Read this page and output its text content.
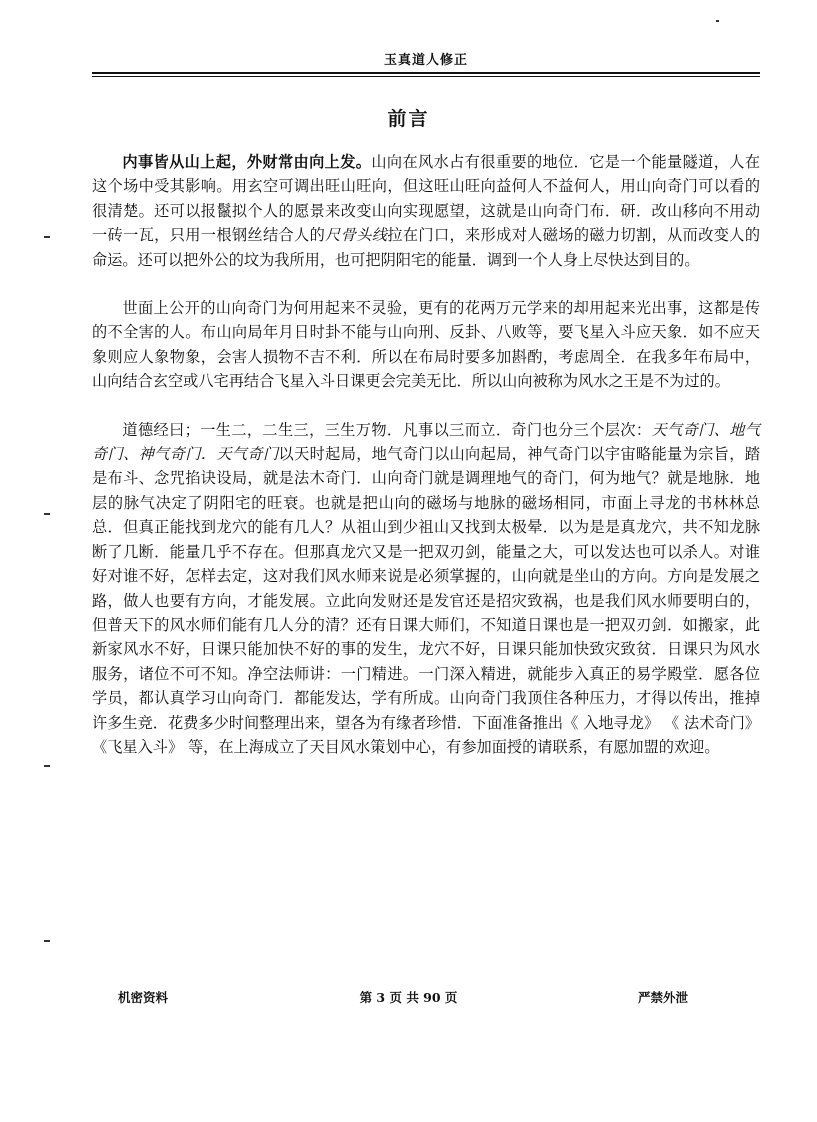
玉真道人修正
前言

内事皆从山上起，外财常由向上发。山向在风水占有很重要的地位．它是一个能量隧道，人在这个场中受其影响。用玄空可调出旺山旺向，但这旺山旺向益何人不益何人，用山向奇门可以看的很清楚。还可以报鬣拟个人的愿景来改变山向实现愿望，这就是山向奇门布．研．改山移向不用动一砖一瓦，只用一根钢丝结合人的尺骨头线拉在门口，来形成对人磁场的磁力切割，从而改变人的命运。还可以把外公的坟为我所用，也可把阴阳宅的能量．调到一个人身上尽快达到目的。

世面上公开的山向奇门为何用起来不灵验，更有的花两万元学来的却用起来光出事，这都是传的不全害的人。布山向局年月日时卦不能与山向刑、反卦、八败等，要飞星入斗应天象．如不应天象则应人象物象，会害人损物不吉不利．所以在布局时要多加斟酌，考虑周全．在我多年布局中，山向结合玄空或八宅再结合飞星入斗日课更会完美无比．所以山向被称为风水之王是不为过的。

道德经曰；一生二，二生三，三生万物．凡事以三而立．奇门也分三个层次：天气奇门、地气奇门、神气奇门．天气奇门以天时起局，地气奇门以山向起局，神气奇门以宇宙略能量为宗旨，踏是布斗、念咒掐诀设局，就是法木奇门．山向奇门就是调理地气的奇门，何为地气？就是地脉．地层的脉气决定了阴阳宅的旺衰。也就是把山向的磁场与地脉的磁场相同，市面上寻龙的书林林总总．但真正能找到龙穴的能有几人？从祖山到少祖山又找到太极晕．以为是是真龙穴，共不知龙脉断了几断．能量几乎不存在。但那真龙穴又是一把双刃剑，能量之大，可以发达也可以杀人。对谁好对谁不好，怎样去定，这对我们风水师来说是必须掌握的，山向就是坐山的方向。方向是发展之路，做人也要有方向，才能发展。立此向发财还是发官还是招灾致祸，也是我们风水师要明白的，但普天下的风水师们能有几人分的清？还有日课大师们，不知道日课也是一把双刃剑．如搬家，此新家风水不好，日课只能加快不好的事的发生，龙穴不好，日课只能加快致灾致贫．日课只为风水服务，诸位不可不知。净空法师讲：一门精进。一门深入精进，就能步入真正的易学殿堂．愿各位学员，都认真学习山向奇门．都能发达，学有所成。山向奇门我顶住各种压力，才得以传出，推掉许多生竞．花费多少时间整理出来，望各为有缘者珍惜．下面准备推出《 入地寻龙》 《 法术奇门》 《飞星入斗》 等，在上海成立了天目风水策划中心，有参加面授的请联系，有愿加盟的欢迎。

机密资料	第 3 页 共 90 页	严禁外泄
